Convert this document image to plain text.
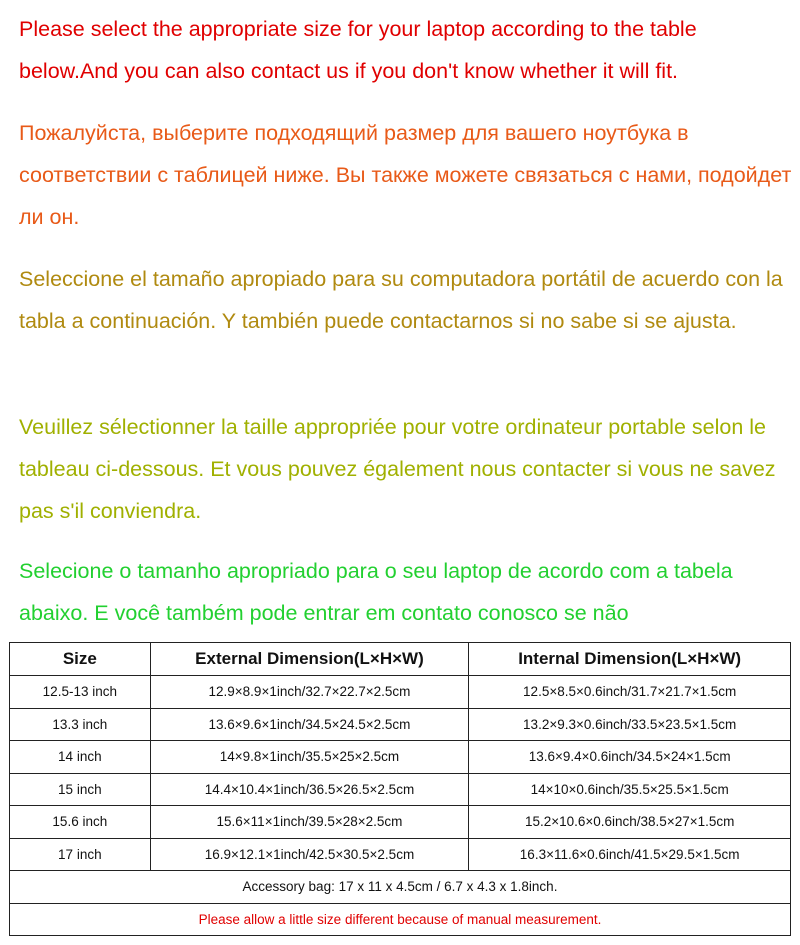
Please select the appropriate size for your laptop according to the table below.And you can also contact us if you don't know whether it will fit.

Пожалуйста, выберите подходящий размер для вашего ноутбука в соответствии с таблицей ниже. Вы также можете связаться с нами, подойдет ли он.

Seleccione el tamaño apropiado para su computadora portátil de acuerdo con la tabla a continuación. Y también puede contactarnos si no sabe si se ajusta.

Veuillez sélectionner la taille appropriée pour votre ordinateur portable selon le tableau ci-dessous. Et vous pouvez également nous contacter si vous ne savez pas s'il conviendra.

Selecione o tamanho apropriado para o seu laptop de acordo com a tabela abaixo. E você também pode entrar em contato conosco se não

Size	External Dimension(L×H×W)	Internal Dimension(L×H×W)
12.5-13 inch	12.9×8.9×1inch/32.7×22.7×2.5cm	12.5×8.5×0.6inch/31.7×21.7×1.5cm
13.3 inch	13.6×9.6×1inch/34.5×24.5×2.5cm	13.2×9.3×0.6inch/33.5×23.5×1.5cm
14 inch	14×9.8×1inch/35.5×25×2.5cm	13.6×9.4×0.6inch/34.5×24×1.5cm
15 inch	14.4×10.4×1inch/36.5×26.5×2.5cm	14×10×0.6inch/35.5×25.5×1.5cm
15.6 inch	15.6×11×1inch/39.5×28×2.5cm	15.2×10.6×0.6inch/38.5×27×1.5cm
17 inch	16.9×12.1×1inch/42.5×30.5×2.5cm	16.3×11.6×0.6inch/41.5×29.5×1.5cm
Accessory bag: 17 x 11 x 4.5cm / 6.7 x 4.3 x 1.8inch.		
Please allow a little size different because of manual measurement.		
